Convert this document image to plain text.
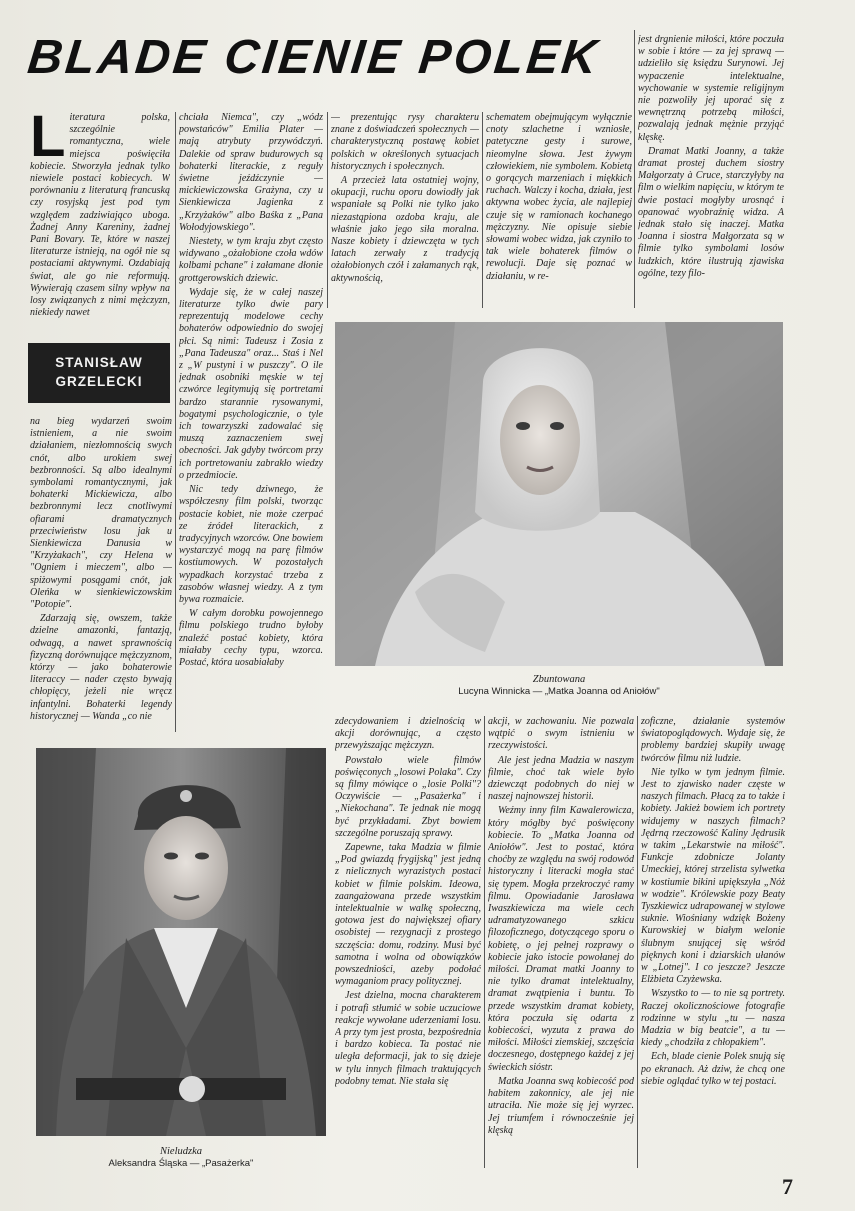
BLADE CIENIE POLEK

Literatura polska, szczególnie romantyczna, wiele miejsca poświęciła kobiecie. Stworzyła jednak tylko niewiele postaci kobiecych. W porównaniu z literaturą francuską czy rosyjską jest pod tym względem zadziwiająco uboga. Żadnej Anny Kareniny, żadnej Pani Bovary. Te, które w naszej literaturze istnieją, na ogół nie są postaciami aktywnymi. Ozdabiają świat, ale go nie reformują. Wywierają czasem silny wpływ na losy związanych z nimi mężczyzn, niekiedy nawet

STANISŁAW
GRZELECKI

na bieg wydarzeń swoim istnieniem, a nie swoim działaniem, niezłomnością swych cnót, albo urokiem swej bezbronności. Są albo idealnymi symbolami romantycznymi, jak bohaterki Mickiewicza, albo bezbronnymi lecz cnotliwymi ofiarami dramatycznych przeciwieństw losu jak u Sienkiewicza Danusia w "Krzyżakach", czy Helena w "Ogniem i mieczem", albo — spiżowymi posągami cnót, jak Oleńka w sienkiewiczowskim "Potopie".

Zdarzają się, owszem, także dzielne amazonki, fantazją, odwagą, a nawet sprawnością fizyczną dorównujące mężczyznom, którzy — jako bohaterowie literaccy — nader często bywają chłopięcy, jeżeli nie wręcz infantylni. Bohaterki legendy historycznej — Wanda „co nie

chciała Niemca", czy „wódz powstańców" Emilia Plater — mają atrybuty przywódczyń. Dalekie od spraw budurowych są bohaterki literackie, z reguły świetne jeźdźczynie — mickiewiczowska Grażyna, czy u Sienkiewicza Jagienka z „Krzyżaków" albo Baśka z „Pana Wołodyjowskiego".

Niestety, w tym kraju zbyt często widywano „ożałobione czoła wdów kolbami pchane" i załamane dłonie grottgerowskich dziewic.

Wydaje się, że w całej naszej literaturze tylko dwie pary reprezentują modelowe cechy bohaterów odpowiednio do swojej płci. Są nimi: Tadeusz i Zosia z „Pana Tadeusza" oraz... Staś i Nel z „W pustyni i w puszczy". O ile jednak osobniki męskie w tej czwórce legitymują się portretami bardzo starannie rysowanymi, bogatymi psychologicznie, o tyle ich towarzyszki zadowalać się muszą zaznaczeniem swej obecności. Jak gdyby twórcom przy ich portretowaniu zabrakło wiedzy o przedmiocie.

Nic tedy dziwnego, że współczesny film polski, tworząc postacie kobiet, nie może czerpać ze źródeł literackich, z tradycyjnych wzorców. One bowiem wystarczyć mogą na parę filmów kostiumowych. W pozostałych wypadkach korzystać trzeba z zasobów własnej wiedzy. A z tym bywa rozmaicie.

W całym dorobku powojennego filmu polskiego trudno byłoby znaleźć postać kobiety, która miałaby cechy typu, wzorca. Postać, która uosabiałaby

— prezentując rysy charakteru znane z doświadczeń społecznych — charakterystyczną postawę kobiet polskich w określonych sytuacjach historycznych i społecznych.

A przecież lata ostatniej wojny, okupacji, ruchu oporu dowiodły jak wspaniałe są Polki nie tylko jako niezastąpiona ozdoba kraju, ale właśnie jako jego siła moralna. Nasze kobiety i dziewczęta w tych latach zerwały z tradycją ożałobionych czół i załamanych rąk, aktywnością,

schematem obejmującym wyłącznie cnoty szlachetne i wzniosłe, patetyczne gesty i surowe, nieomylne słowa. Jest żywym człowiekiem, nie symbolem. Kobietą o gorących marzeniach i miękkich ruchach. Walczy i kocha, działa, jest aktywna wobec życia, ale najlepiej czuje się w ramionach kochanego mężczyzny. Nie opisuje siebie słowami wobec widza, jak czyniło to tak wiele bohaterek filmów o rewolucji. Daje się poznać w działaniu, w re-

jest drgnienie miłości, które poczuła w sobie i które — za jej sprawą — udzieliło się księdzu Surynowi. Jej wypaczenie intelektualne, wychowanie w systemie religijnym nie pozwoliły jej uporać się z wewnętrzną potrzebą miłości, pozwalają jednak mężnie przyjąć klęskę.

Dramat Matki Joanny, a także dramat prostej duchem siostry Małgorzaty à Cruce, starczyłyby na film o wielkim napięciu, w którym te dwie postaci mogłyby urosnąć i opanować wyobraźnię widza. A jednak stało się inaczej. Matka Joanna i siostra Małgorzata są w filmie tylko symbolami losów ludzkich, które ilustrują zjawiska ogólne, tezy filo-

Zbuntowana
Lucyna Winnicka — „Matka Joanna od Aniołów"
Nieludzka
Aleksandra Śląska — „Pasażerka"

zdecydowaniem i dzielnością w akcji dorównując, a często przewyższając mężczyzn.

Powstało wiele filmów poświęconych „losowi Polaka". Czy są filmy mówiące o „losie Polki"? Oczywiście — „Pasażerka" i „Niekochana". Te jednak nie mogą być przykładami. Zbyt bowiem szczególne poruszają sprawy.

Zapewne, taka Madzia w filmie „Pod gwiazdą frygijską" jest jedną z nielicznych wyrazistych postaci kobiet w filmie polskim. Ideowa, zaangażowana przede wszystkim intelektualnie w walkę społeczną, gotowa jest do największej ofiary osobistej — rezygnacji z prostego szczęścia: domu, rodziny. Musi być samotna i wolna od obowiązków powszedniości, azeby podołać wymaganiom pracy politycznej.

Jest dzielna, mocna charakterem i potrafi stłumić w sobie uczuciowe reakcje wywołane uderzeniami losu. A przy tym jest prosta, bezpośrednia i bardzo kobieca. Ta postać nie uległa deformacji, jak to się dzieje w tylu innych filmach traktujących podobny temat. Nie stała się

akcji, w zachowaniu. Nie pozwala wątpić o swym istnieniu w rzeczywistości.

Ale jest jedna Madzia w naszym filmie, choć tak wiele było dziewcząt podobnych do niej w naszej najnowszej historii.

Weźmy inny film Kawalerowicza, który mógłby być poświęcony kobiecie. To „Matka Joanna od Aniołów". Jest to postać, która choćby ze względu na swój rodowód historyczny i literacki mogła stać się typem. Mogła przekroczyć ramy filmu. Opowiadanie Jarosława Iwaszkiewicza ma wiele cech udramatyzowanego szkicu filozoficznego, dotyczącego sporu o kobietę, o jej pełnej rozprawy o kobiecie jako istocie powołanej do miłości. Dramat matki Joanny to nie tylko dramat intelektualny, dramat zwątpienia i buntu. To przede wszystkim dramat kobiety, która poczuła się odarta z kobiecości, wyzuta z prawa do miłości. Miłości ziemskiej, szczęścia doczesnego, dostępnego każdej z jej świeckich sióstr.

Matka Joanna swą kobiecość pod habitem zakonnicy, ale jej nie utraciła. Nie może się jej wyrzec. Jej triumfem i równocześnie jej klęską

zoficzne, działanie systemów światopoglądowych. Wydaje się, że problemy bardziej skupiły uwagę twórców filmu niż ludzie.

Nie tylko w tym jednym filmie. Jest to zjawisko nader częste w naszych filmach. Płacą za to także i kobiety. Jakież bowiem ich portrety widujemy w naszych filmach? Jędrną rzeczowość Kaliny Jędrusik w takim „Lekarstwie na miłość". Funkcje zdobnicze Jolanty Umeckiej, której strzelista sylwetka w kostiumie bikini upiększyła „Nóż w wodzie". Królewskie pozy Beaty Tyszkiewicz udrapowanej w stylowe suknie. Wiośniany wdzięk Bożeny Kurowskiej w białym welonie ślubnym snującej się wśród pięknych koni i dziarskich ułanów w „Lotnej". I co jeszcze? Jeszcze Elżbieta Czyżewska.

Wszystko to — to nie są portrety. Raczej okolicznościowe fotografie rodzinne w stylu „tu — nasza Madzia w big beatcie", a tu — kiedy „chodziła z chłopakiem".

Ech, blade cienie Polek snują się po ekranach. Aż dziw, że chcą one siebie oglądać tylko w tej postaci.

7
